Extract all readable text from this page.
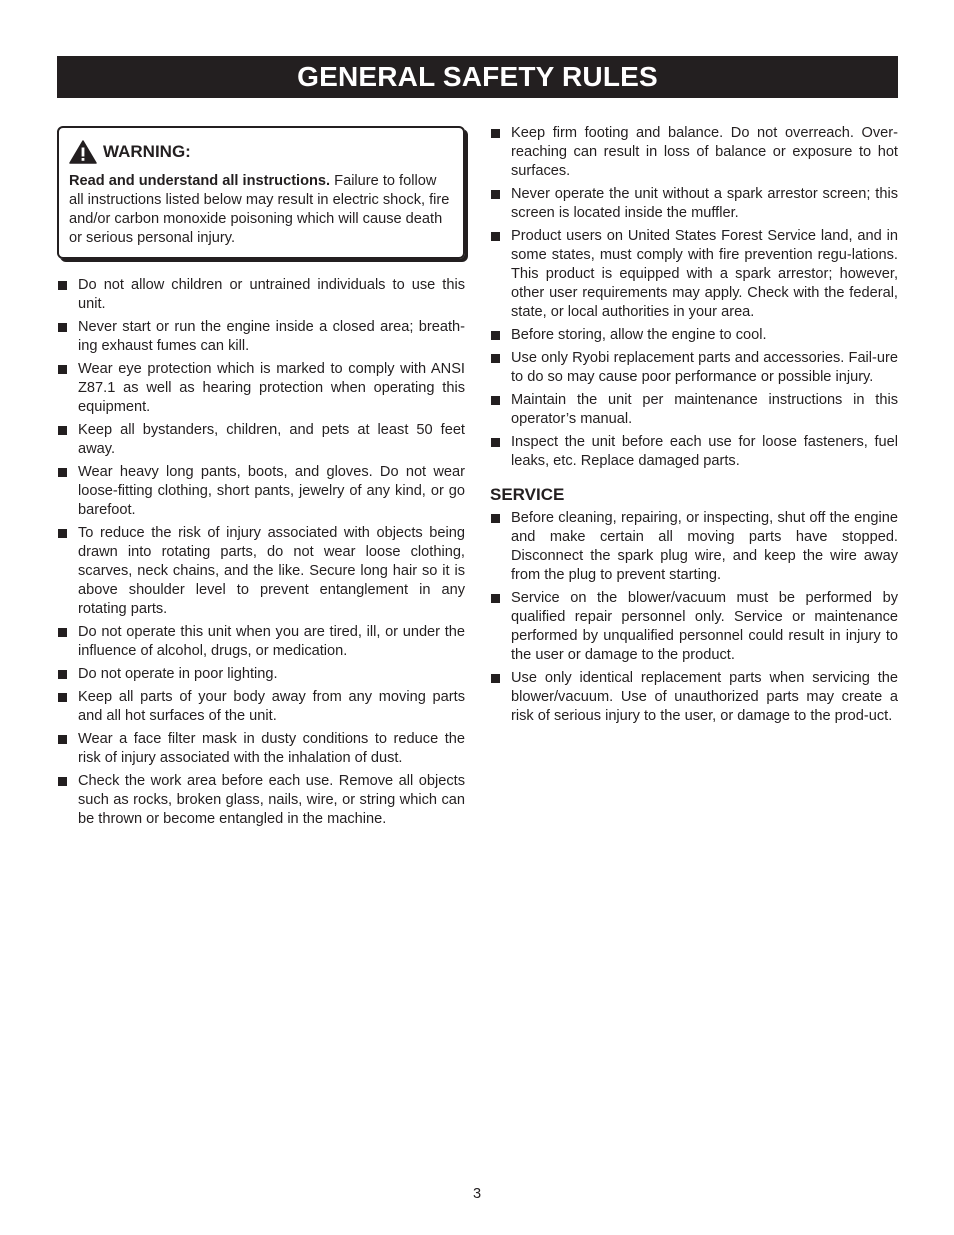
GENERAL SAFETY RULES
WARNING:
Read and understand all instructions. Failure to follow all instructions listed below may result in electric shock, fire and/or carbon monoxide poisoning which will cause death or serious personal injury.
Do not allow children or untrained individuals to use this unit.
Never start or run the engine inside a closed area; breath-ing exhaust fumes can kill.
Wear eye protection which is marked to comply with ANSI Z87.1 as well as hearing protection when operating this equipment.
Keep all bystanders, children, and pets at least 50 feet away.
Wear heavy long pants, boots, and gloves. Do not wear loose-fitting clothing, short pants, jewelry of any kind, or go barefoot.
To reduce the risk of injury associated with objects being drawn into rotating parts, do not wear loose clothing, scarves, neck chains, and the like. Secure long hair so it is above shoulder level to prevent entanglement in any rotating parts.
Do not operate this unit when you are tired, ill, or under the influence of alcohol, drugs, or medication.
Do not operate in poor lighting.
Keep all parts of your body away from any moving parts and all hot surfaces of the unit.
Wear a face filter mask in dusty conditions to reduce the risk of injury associated with the inhalation of dust.
Check the work area before each use. Remove all objects such as rocks, broken glass, nails, wire, or string which can be thrown or become entangled in the machine.
Keep firm footing and balance. Do not overreach. Over-reaching can result in loss of balance or exposure to hot surfaces.
Never operate the unit without a spark arrestor screen; this screen is located inside the muffler.
Product users on United States Forest Service land, and in some states, must comply with fire prevention regu-lations. This product is equipped with a spark arrestor; however, other user requirements may apply. Check with the federal, state, or local authorities in your area.
Before storing, allow the engine to cool.
Use only Ryobi replacement parts and accessories. Fail-ure to do so may cause poor performance or possible injury.
Maintain the unit per maintenance instructions in this operator’s manual.
Inspect the unit before each use for loose fasteners, fuel leaks, etc. Replace damaged parts.
SERVICE
Before cleaning, repairing, or inspecting, shut off the engine and make certain all moving parts have stopped. Disconnect the spark plug wire, and keep the wire away from the plug to prevent starting.
Service on the blower/vacuum must be performed by qualified repair personnel only. Service or maintenance performed by unqualified personnel could result in injury to the user or damage to the product.
Use only identical replacement parts when servicing the blower/vacuum. Use of unauthorized parts may create a risk of serious injury to the user, or damage to the prod-uct.
3
